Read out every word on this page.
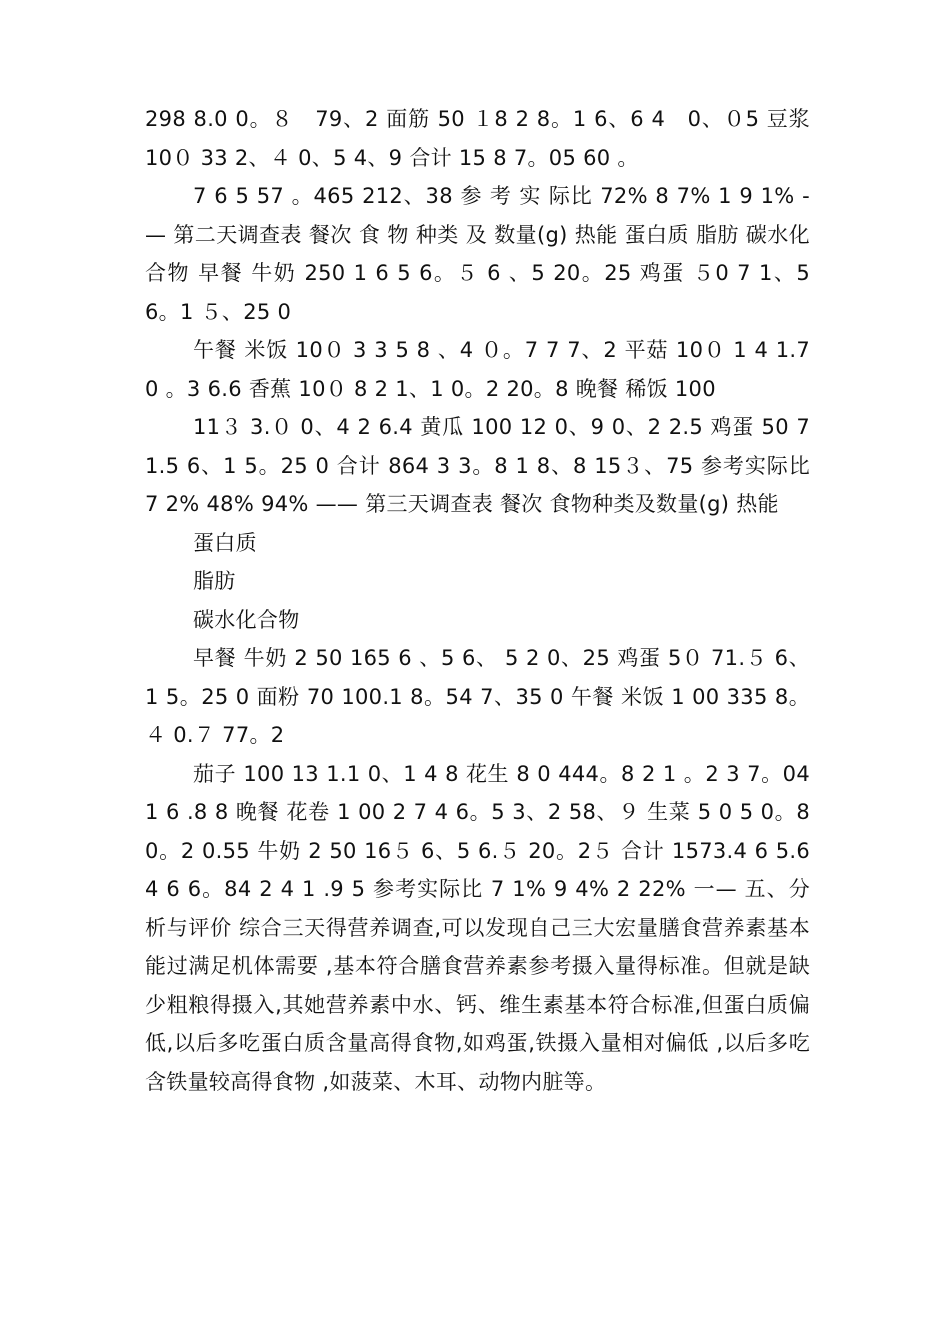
298 8.0 0。８　79、2 面筋 50 １8 2 8。1 6、6 4　0、０5 豆浆 10０ 33 2、４ 0、5 4、9 合计 15 8 7。05 60 。

7 6 5 57 。465 212、38 参 考 实 际比 72% 8 7% 1 9 1% -— 第二天调查表 餐次 食 物 种类 及 数量(g) 热能 蛋白质 脂肪 碳水化合物 早餐 牛奶 250 1 6 5 6。５ 6 、5 20。25 鸡蛋 ５0 7 1、5 6。1 ５、25 0

午餐 米饭 10０ 3 3 5 8 、4 ０。7 7 7、2 平菇 10０ 1 4 1.7 0 。3 6.6 香蕉 10０ 8 2 1、1 0。2 20。8 晚餐 稀饭 100

11３ 3.０ 0、4 2 6.4 黄瓜 100 12 0、9 0、2 2.5 鸡蛋 50 7 1.5 6、1 5。25 0 合计 864 3 3。8 1 8、8 15３、75 参考实际比 7 2% 48% 94% —— 第三天调查表 餐次 食物种类及数量(g) 热能

蛋白质

脂肪

碳水化合物

早餐 牛奶 2 50 165 6 、5 6、 5 2 0、25 鸡蛋 5０ 71.５ 6、1 5。25 0 面粉 70 100.1 8。54 7、35 0 午餐 米饭 1 00 335 8。４ 0.７ 77。2

茄子 100 13 1.1 0、1 4 8 花生 8 0 444。8 2 1 。2 3 7。04 1 6 .8 8 晚餐 花卷 1 00 2 7 4 6。5 3、2 58、９ 生菜 5 0 5 0。8 0。2 0.55 牛奶 2 50 16５ 6、5 6.５ 20。2５ 合计 1573.4 6 5.64 6 6。84 2 4 1 .9 5 参考实际比 7 1% 9 4% 2 22% 一— 五、分析与评价 综合三天得营养调查,可以发现自己三大宏量膳食营养素基本能过满足机体需要 ,基本符合膳食营养素参考摄入量得标准。但就是缺少粗粮得摄入,其她营养素中水、钙、维生素基本符合标准,但蛋白质偏低,以后多吃蛋白质含量高得食物,如鸡蛋,铁摄入量相对偏低 ,以后多吃含铁量较高得食物 ,如菠菜、木耳、动物内脏等。
